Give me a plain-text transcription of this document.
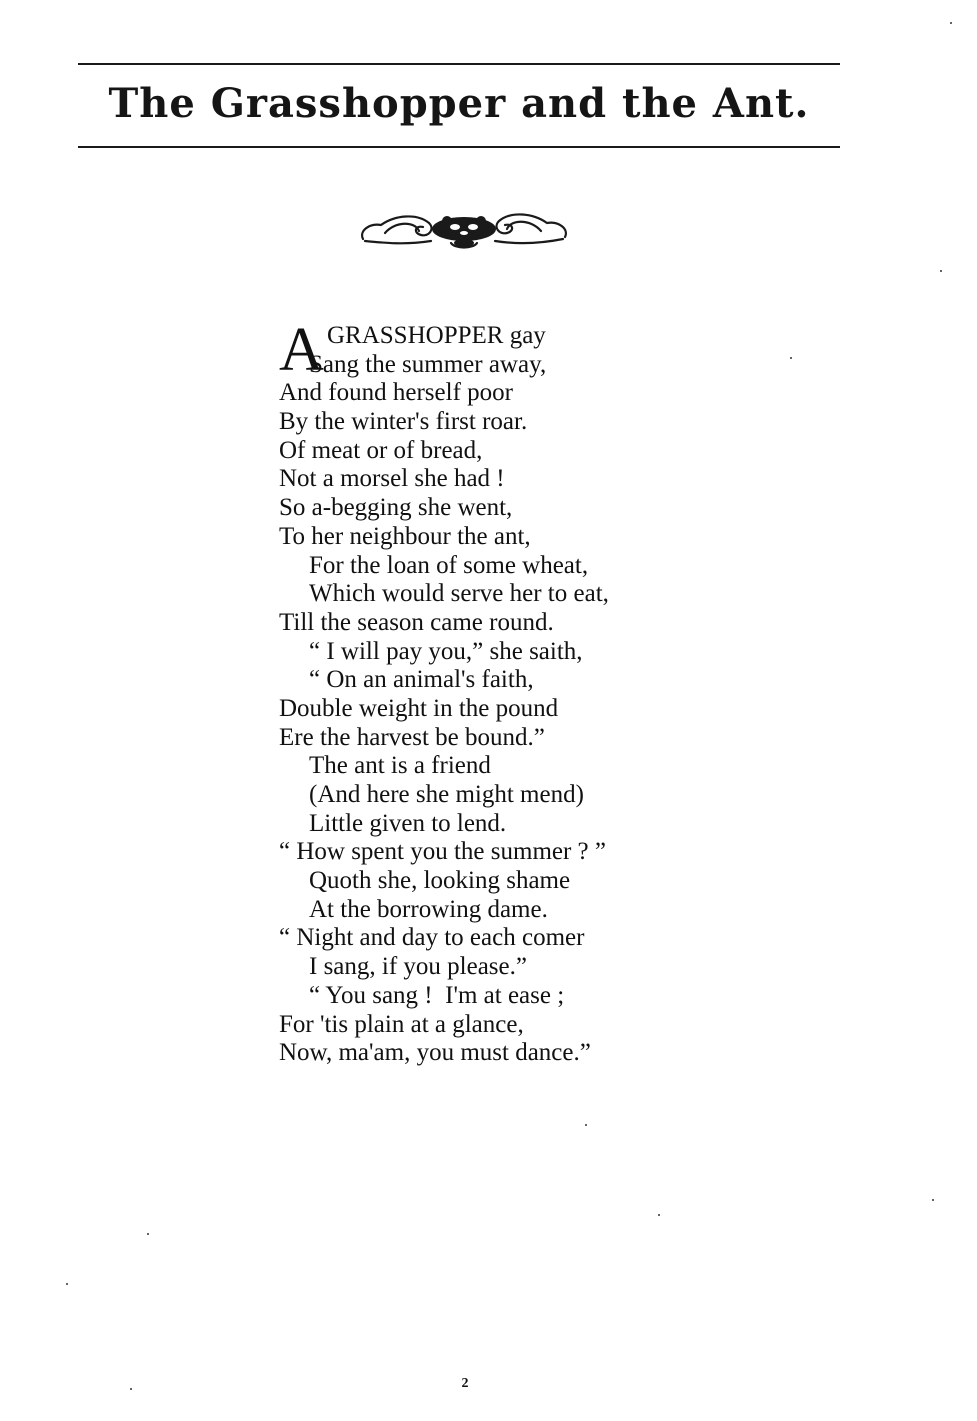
The Grasshopper and the Ant.
A GRASSHOPPER gay
Sang the summer away,
And found herself poor
By the winter's first roar.
Of meat or of bread,
Not a morsel she had !
So a-begging she went,
To her neighbour the ant,
For the loan of some wheat,
Which would serve her to eat,
Till the season came round.
“ I will pay you,” she saith,
“ On an animal's faith,
Double weight in the pound
Ere the harvest be bound.”
The ant is a friend
(And here she might mend)
Little given to lend.
“ How spent you the summer ? ”
Quoth she, looking shame
At the borrowing dame.
“ Night and day to each comer
I sang, if you please.”
“ You sang !  I'm at ease ;
For 'tis plain at a glance,
Now, ma'am, you must dance.”
2
